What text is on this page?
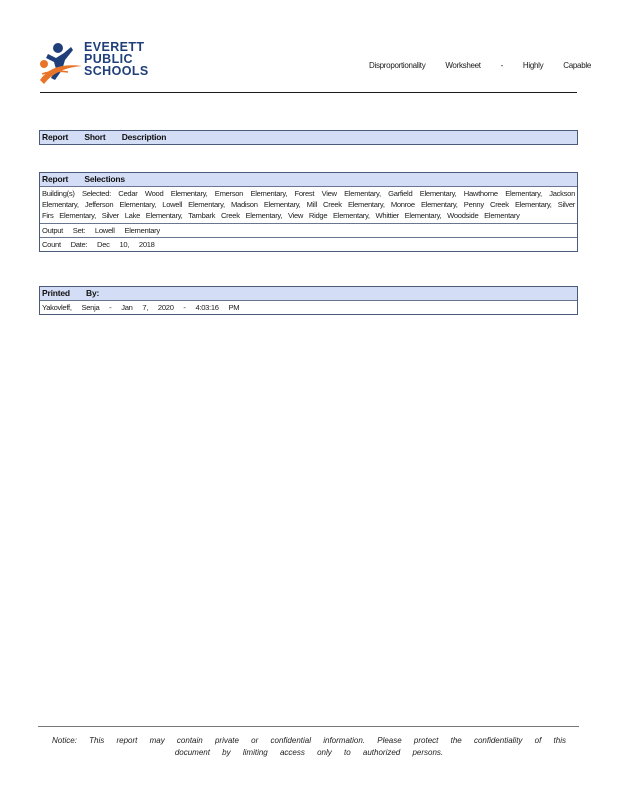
EVERETT
PUBLIC
SCHOOLS	Disproportionality Worksheet - Highly Capable
Report Short Description
Report Selections
Building(s) Selected: Cedar Wood Elementary, Emerson Elementary, Forest View Elementary, Garfield Elementary, Hawthorne Elementary, Jackson Elementary, Jefferson Elementary, Lowell Elementary, Madison Elementary, Mill Creek Elementary, Monroe Elementary, Penny Creek Elementary, Silver Firs Elementary, Silver Lake Elementary, Tambark Creek Elementary, View Ridge Elementary, Whittier Elementary, Woodside Elementary
Output Set: Lowell Elementary
Count Date: Dec 10, 2018
Printed By:
Yakovleff, Senja - Jan 7, 2020 - 4:03:16 PM
Notice: This report may contain private or confidential information. Please protect the confidentiality of this document by limiting access only to authorized persons.
